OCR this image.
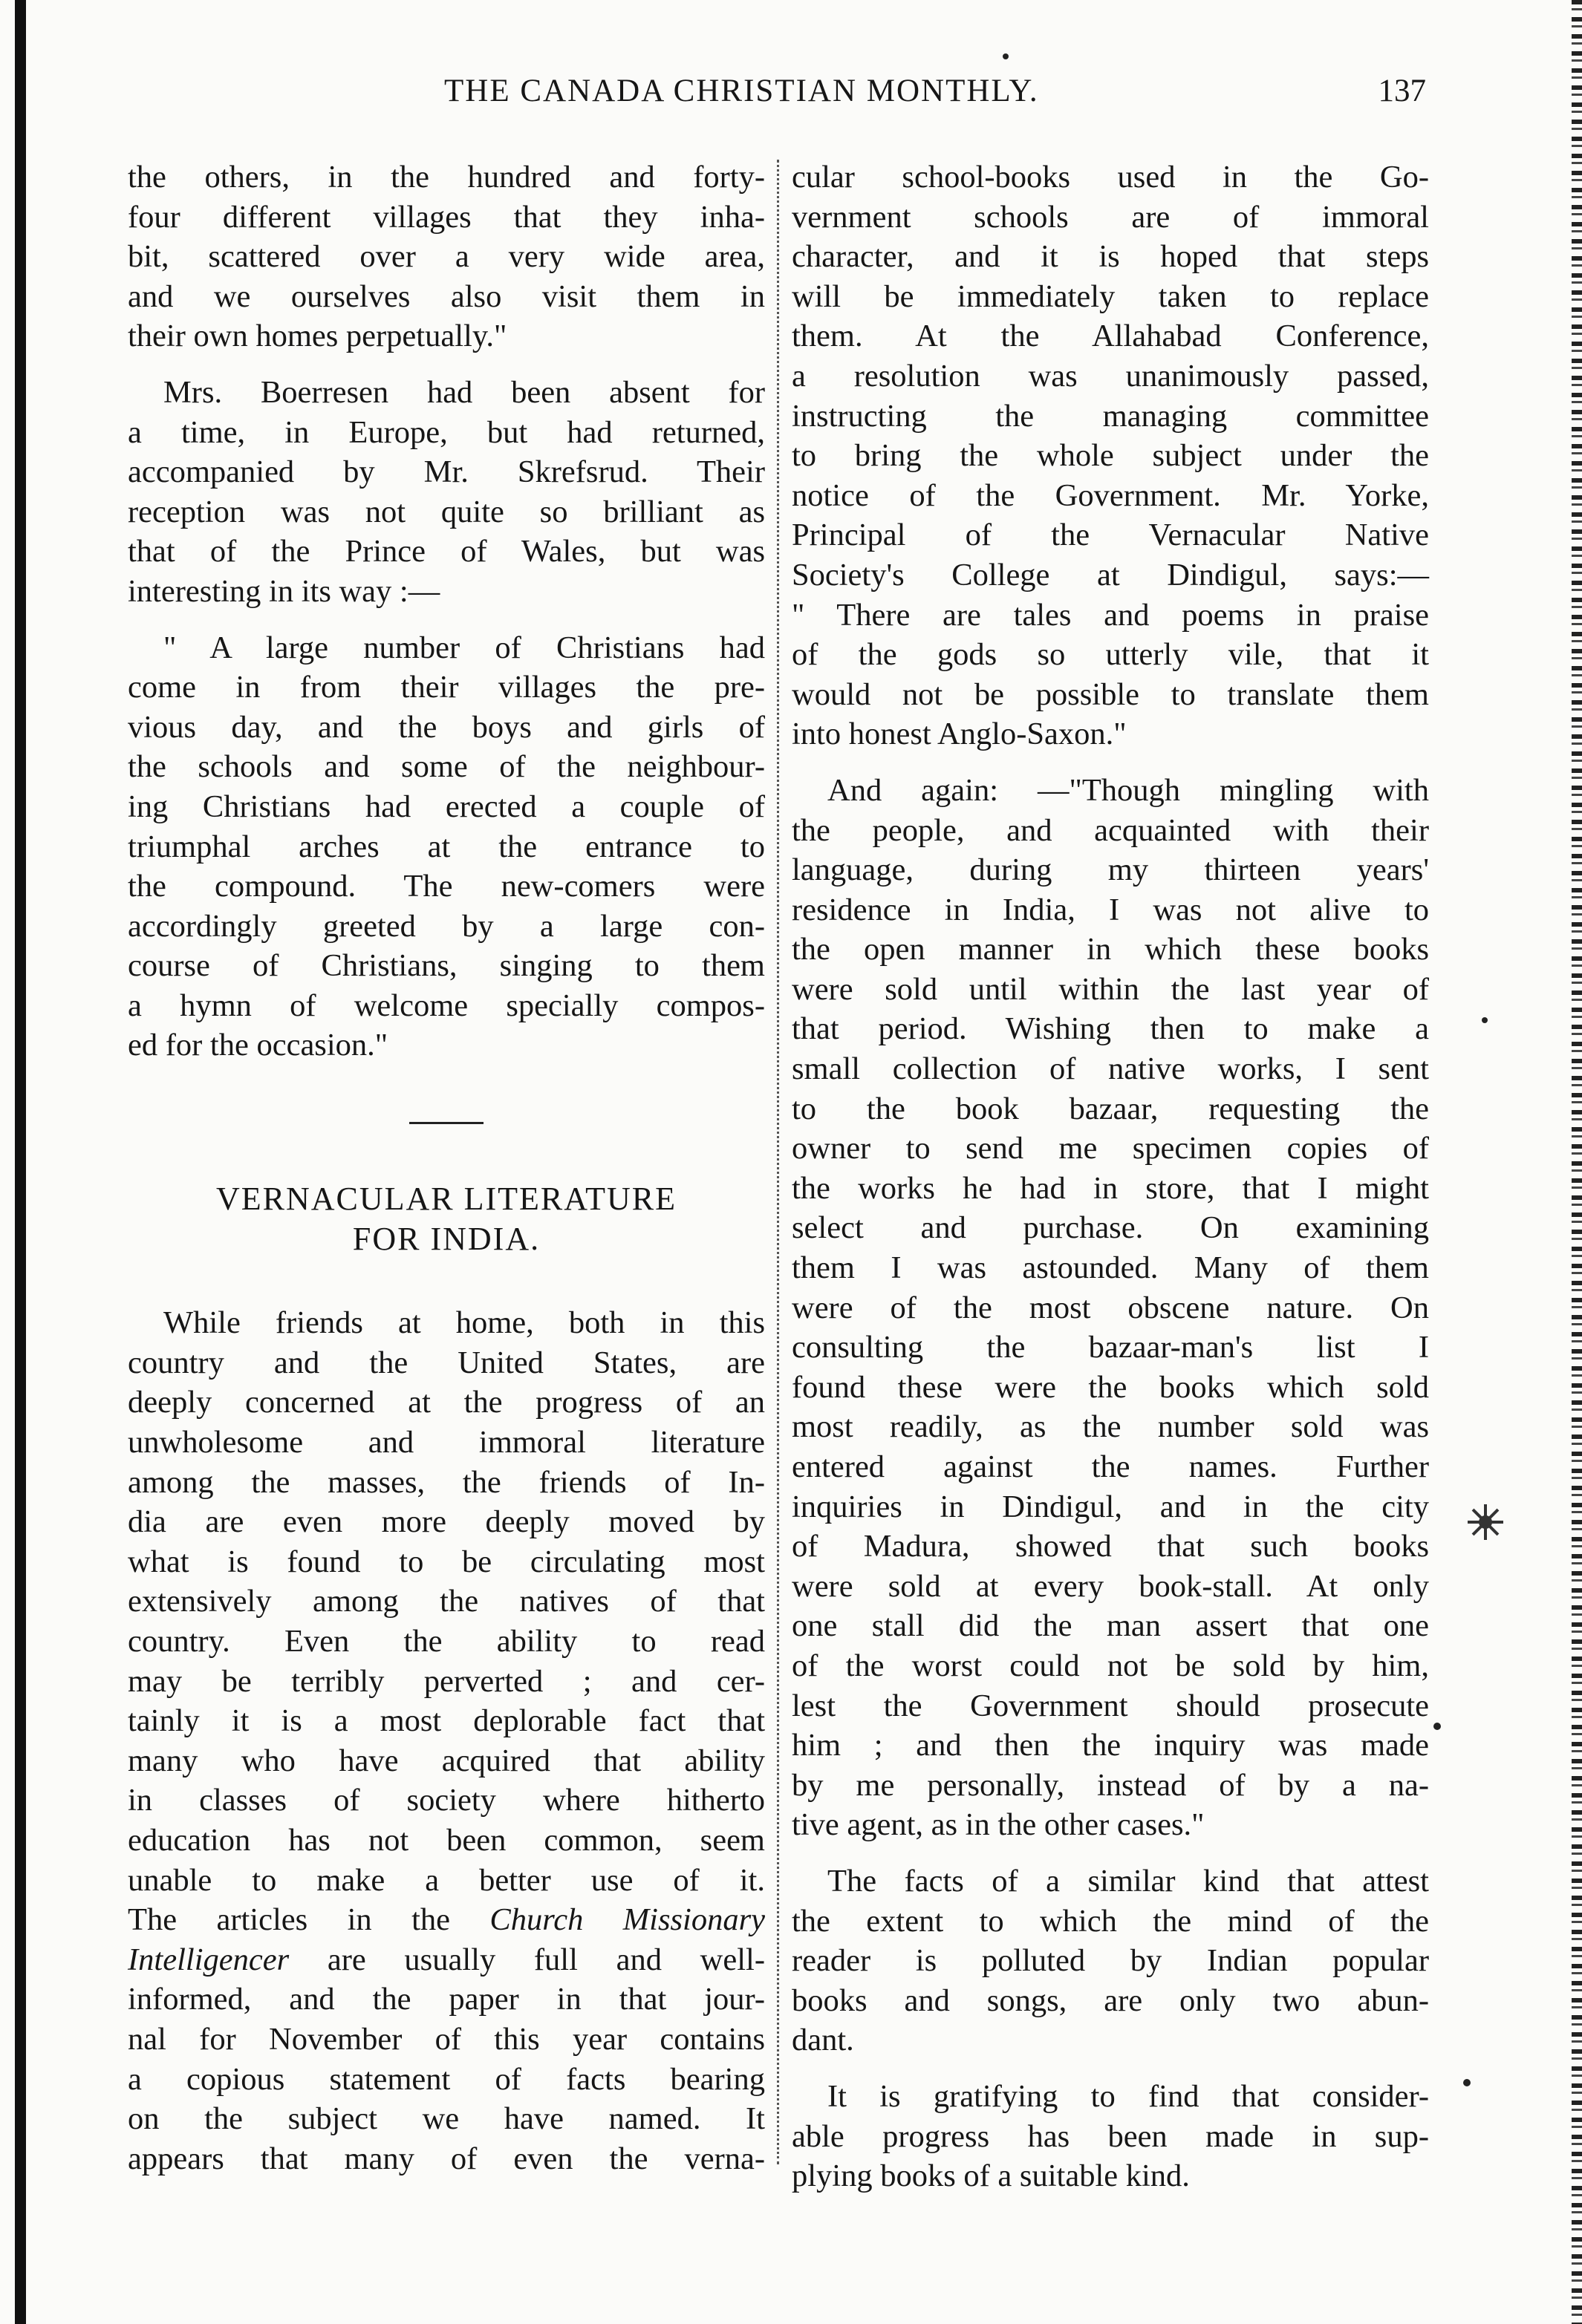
THE CANADA CHRISTIAN MONTHLY.	137
the others, in the hundred and forty-
four different villages that they inha-
bit, scattered over a very wide area,
and we ourselves also visit them in
their own homes perpetually."
Mrs. Boerresen had been absent for
a time, in Europe, but had returned,
accompanied by Mr. Skrefsrud. Their
reception was not quite so brilliant as
that of the Prince of Wales, but was
interesting in its way :—
" A large number of Christians had
come in from their villages the pre-
vious day, and the boys and girls of
the schools and some of the neighbour-
ing Christians had erected a couple of
triumphal arches at the entrance to
the compound. The new-comers were
accordingly greeted by a large con-
course of Christians, singing to them
a hymn of welcome specially compos-
ed for the occasion."
VERNACULAR LITERATURE
FOR INDIA.
While friends at home, both in this
country and the United States, are
deeply concerned at the progress of an
unwholesome and immoral literature
among the masses, the friends of In-
dia are even more deeply moved by
what is found to be circulating most
extensively among the natives of that
country. Even the ability to read
may be terribly perverted ; and cer-
tainly it is a most deplorable fact that
many who have acquired that ability
in classes of society where hitherto
education has not been common, seem
unable to make a better use of it.
The articles in the Church Missionary
Intelligencer are usually full and well-
informed, and the paper in that jour-
nal for November of this year contains
a copious statement of facts bearing
on the subject we have named. It
appears that many of even the verna-
cular school-books used in the Go-
vernment schools are of immoral
character, and it is hoped that steps
will be immediately taken to replace
them. At the Allahabad Conference,
a resolution was unanimously passed,
instructing the managing committee
to bring the whole subject under the
notice of the Government. Mr. Yorke,
Principal of the Vernacular Native
Society's College at Dindigul, says:—
" There are tales and poems in praise
of the gods so utterly vile, that it
would not be possible to translate them
into honest Anglo-Saxon."
And again: —"Though mingling with
the people, and acquainted with their
language, during my thirteen years'
residence in India, I was not alive to
the open manner in which these books
were sold until within the last year of
that period. Wishing then to make a
small collection of native works, I sent
to the book bazaar, requesting the
owner to send me specimen copies of
the works he had in store, that I might
select and purchase. On examining
them I was astounded. Many of them
were of the most obscene nature. On
consulting the bazaar-man's list I
found these were the books which sold
most readily, as the number sold was
entered against the names. Further
inquiries in Dindigul, and in the city
of Madura, showed that such books
were sold at every book-stall. At only
one stall did the man assert that one
of the worst could not be sold by him,
lest the Government should prosecute
him ; and then the inquiry was made
by me personally, instead of by a na-
tive agent, as in the other cases."
The facts of a similar kind that attest
the extent to which the mind of the
reader is polluted by Indian popular
books and songs, are only two abun-
dant.
It is gratifying to find that consider-
able progress has been made in sup-
plying books of a suitable kind.
